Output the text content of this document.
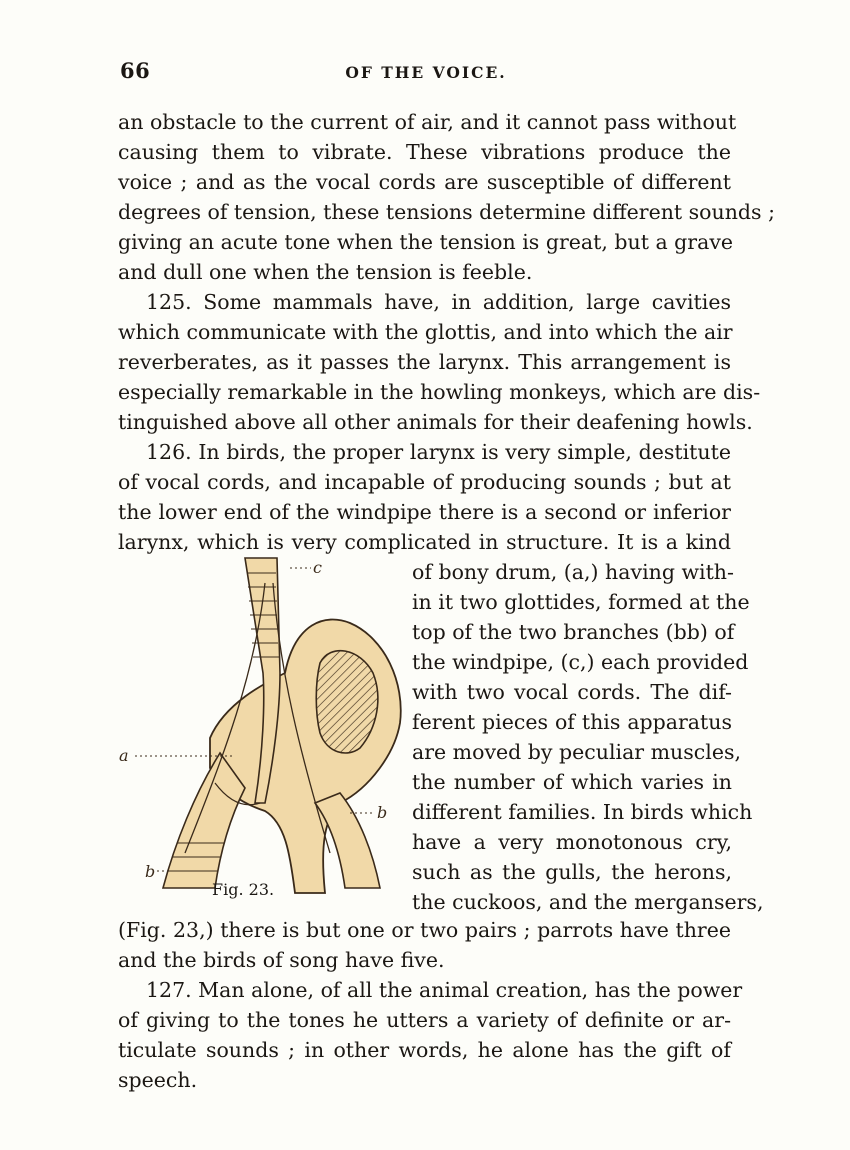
66	OF THE VOICE.
an obstacle to the current of air, and it cannot pass without
causing them to vibrate. These vibrations produce the
voice ; and as the vocal cords are susceptible of different
degrees of tension, these tensions determine different sounds ;
giving an acute tone when the tension is great, but a grave
and dull one when the tension is feeble.
125. Some mammals have, in addition, large cavities
which communicate with the glottis, and into which the air
reverberates, as it passes the larynx. This arrangement is
especially remarkable in the howling monkeys, which are dis-
tinguished above all other animals for their deafening howls.
126. In birds, the proper larynx is very simple, destitute
of vocal cords, and incapable of producing sounds ; but at
the lower end of the windpipe there is a second or inferior
larynx, which is very complicated in structure. It is a kind
of bony drum, (a,) having with-
in it two glottides, formed at the
top of the two branches (bb) of
the windpipe, (c,) each provided
with two vocal cords. The dif-
ferent pieces of this apparatus
are moved by peculiar muscles,
the number of which varies in
different families. In birds which
have a very monotonous cry,
such as the gulls, the herons,
the cuckoos, and the mergansers,
(Fig. 23,) there is but one or two pairs ; parrots have three
and the birds of song have five.
127. Man alone, of all the animal creation, has the power
of giving to the tones he utters a variety of definite or ar-
ticulate sounds ; in other words, he alone has the gift of
speech.
a
c
b
b
Fig. 23.
